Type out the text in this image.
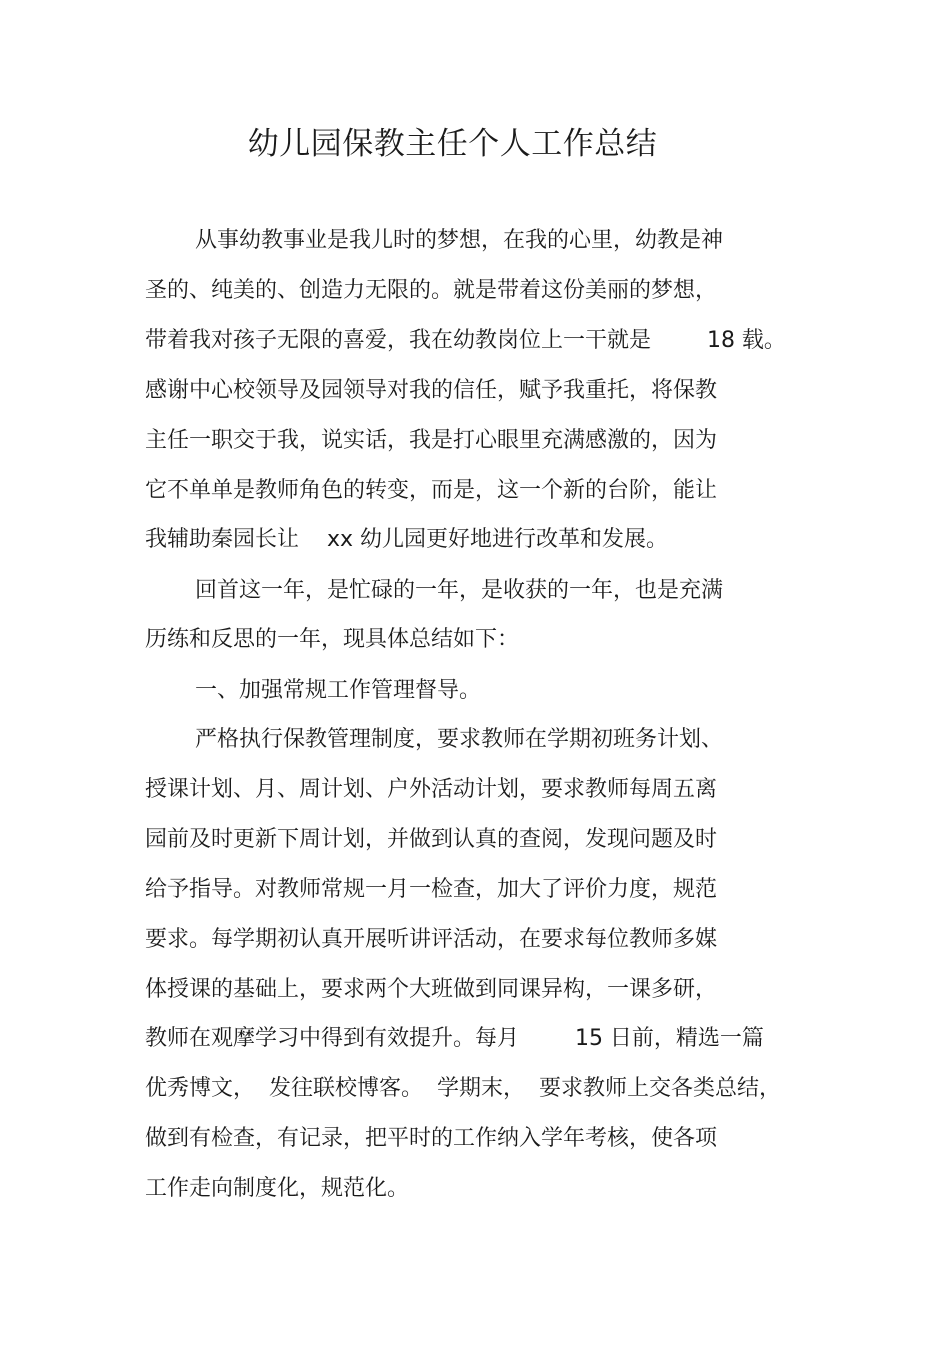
幼儿园保教主任个人工作总结
从事幼教事业是我儿时的梦想，在我的心里，幼教是神
圣的、纯美的、创造力无限的。就是带着这份美丽的梦想，
带着我对孩子无限的喜爱，我在幼教岗位上一干就是        18 载。
感谢中心校领导及园领导对我的信任，赋予我重托，将保教
主任一职交于我，说实话，我是打心眼里充满感激的，因为
它不单单是教师角色的转变，而是，这一个新的台阶，能让
我辅助秦园长让    xx 幼儿园更好地进行改革和发展。
回首这一年，是忙碌的一年，是收获的一年，也是充满
历练和反思的一年，现具体总结如下：
一、加强常规工作管理督导。
严格执行保教管理制度，要求教师在学期初班务计划、
授课计划、月、周计划、户外活动计划，要求教师每周五离
园前及时更新下周计划，并做到认真的查阅，发现问题及时
给予指导。对教师常规一月一检查，加大了评价力度，规范
要求。每学期初认真开展听讲评活动，在要求每位教师多媒
体授课的基础上，要求两个大班做到同课异构，一课多研，
教师在观摩学习中得到有效提升。每月        15 日前，精选一篇
优秀博文，  发往联校博客。  学期末，  要求教师上交各类总结，
做到有检查，有记录，把平时的工作纳入学年考核，使各项
工作走向制度化，规范化。
